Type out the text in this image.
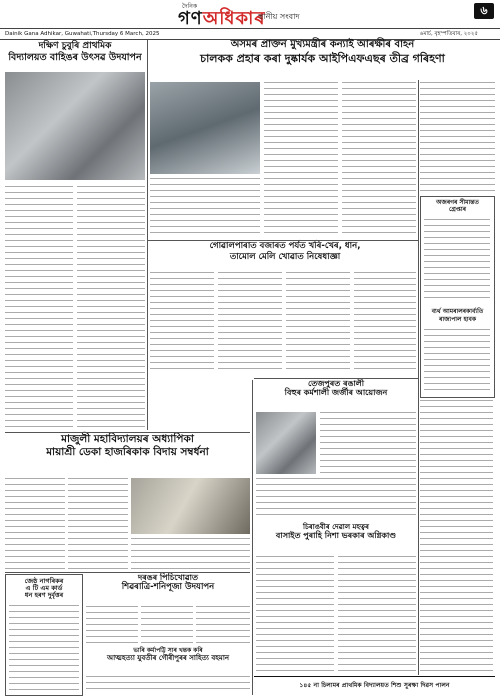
দৈনিক
গণঅধিকাৰ
স্থানীয় সংবাদ	৬
Dainik Gana Adhikar, Guwahati,Thursday 6 March, 2025	৬মাৰ্চ, বৃহস্পতিবাৰ, ২০২৫
দক্ষিণ চুবুৰি প্ৰাথমিক
বিদ্যালয়ত বাহিঙৰ উৎসৱ উদযাপন
অসমৰ প্ৰাক্তন মুখ্যমন্ত্ৰীৰ কন্যাই আৰক্ষীৰ বাহন
চালকক প্ৰহাৰ কৰা দুষ্কাৰ্যক আইপিএফএছৰ তীব্ৰ গৰিহণা
অজৰগৰ সীমান্তত
গ্ৰেপ্তাৰ
ব্যৰ্থ আমৰালৰকাৰ্ব্যতি
ৰাজ্যপাল হাবক
গোৱালপাৰাত বজাৰত পৰ্যত খৰি-খেৰ, ধান,
তামোল মেলি খোৱাত নিষেধাজ্ঞা
মাজুলী মহাবিদ্যালয়ৰ অধ্যাপিকা
মায়াশ্ৰী ডেকা হাজৰিকাক বিদায় সম্বৰ্ধনা
তেজপুৰত ৰঙালী
বিহুৰ কৰ্মশালী জৰ্জীৰ আয়োজন
জেষ্ঠ নাগৰিকৰ
এ টি এম কাৰ্ড
ধন হৰণ দুৰ্বৃত্তৰ
দৰঙৰ পিচিখোৱাত
শিৱৰাত্ৰি-শনিপূজা উদযাপন
ভাৰি কৰ্মাপট্টি সাৰ খন্তক কৰি
আত্মহত্যা যুবতীৰ গৌৰীপুৰৰ সাহিত্য বহমান
চিৰাঙবীৰ দেৱাল মহত্বৰ
বাসাইত পুৰাহি নিশা ভৰকাৰ অগ্নিকাণ্ড
১৪৫ না চিলামৰ প্ৰাথমিক বিদ্যালয়ত শিশু সুৰক্ষা দিৱস পালন
